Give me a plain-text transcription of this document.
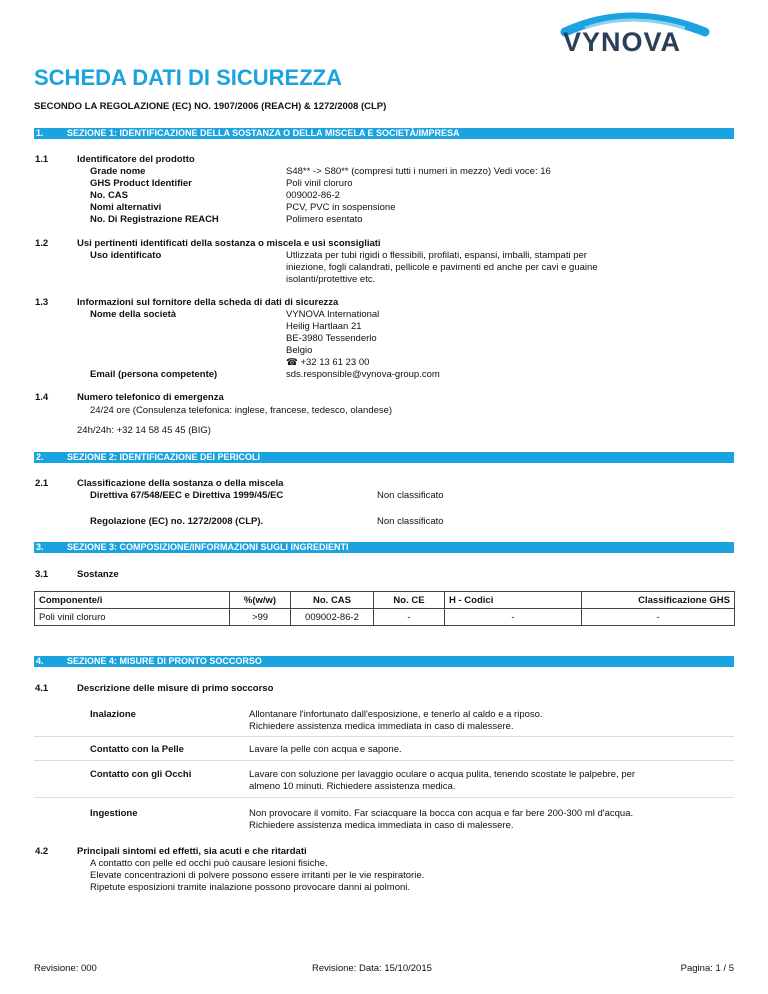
VYNOVA
SCHEDA DATI DI SICUREZZA
SECONDO LA REGOLAZIONE (EC) NO. 1907/2006 (REACH) & 1272/2008 (CLP)
1.	SEZIONE 1: IDENTIFICAZIONE DELLA SOSTANZA O DELLA MISCELA E SOCIETÀ/IMPRESA
1.1	Identificatore del prodotto
Grade nome	S48** -> S80** (compresi tutti i numeri in mezzo) Vedi voce: 16
GHS Product Identifier	Poli vinil cloruro
No. CAS	009002-86-2
Nomi alternativi	PCV, PVC in sospensione
No. Di Registrazione REACH	Polimero esentato
1.2	Usi pertinenti identificati della sostanza o miscela e usi sconsigliati
Uso identificato	Utlizzata per tubi rigidi o flessibili, profilati, espansi, imballi, stampati per
iniezione, fogli calandrati, pellicole e pavimenti ed anche per cavi e guaine
isolanti/protettive etc.
1.3	Informazioni sul fornitore della scheda di dati di sicurezza
Nome della società	VYNOVA International
Heilig Hartlaan 21
BE-3980 Tessenderlo
Belgio
☎ +32 13 61 23 00
Email (persona competente)	sds.responsible@vynova-group.com
1.4	Numero telefonico di emergenza
24/24 ore (Consulenza telefonica: inglese, francese, tedesco, olandese)
24h/24h: +32 14 58 45 45 (BIG)
2.	SEZIONE 2: IDENTIFICAZIONE DEI PERICOLI
2.1	Classificazione della sostanza o della miscela
Direttiva 67/548/EEC e Direttiva 1999/45/EC	Non classificato
Regolazione (EC) no. 1272/2008 (CLP).	Non classificato
3.	SEZIONE 3: COMPOSIZIONE/INFORMAZIONI SUGLI INGREDIENTI
3.1	Sostanze
Componente/i	%(w/w)	No. CAS	No. CE	H - Codici	Classificazione GHS
Poli vinil cloruro	>99	009002-86-2	-	-	-
4.	SEZIONE 4: MISURE DI PRONTO SOCCORSO
4.1	Descrizione delle misure di primo soccorso
Inalazione	Allontanare l'infortunato dall'esposizione, e tenerlo al caldo e a riposo.
Richiedere assistenza medica immediata in caso di malessere.
Contatto con la Pelle	Lavare la pelle con acqua e sapone.
Contatto con gli Occhi	Lavare con soluzione per lavaggio oculare o acqua pulita, tenendo scostate le palpebre, per
almeno 10 minuti. Richiedere assistenza medica.
Ingestione	Non provocare il vomito. Far sciacquare la bocca con acqua e far bere 200-300 ml d'acqua.
Richiedere assistenza medica immediata in caso di malessere.
4.2	Principali sintomi ed effetti, sia acuti e che ritardati
A contatto con pelle ed occhi può causare lesioni fisiche.
Elevate concentrazioni di polvere possono essere irritanti per le vie respiratorie.
Ripetute esposizioni tramite inalazione possono provocare danni ai polmoni.
Revisione: 000	Revisione: Data: 15/10/2015	Pagina: 1 / 5
